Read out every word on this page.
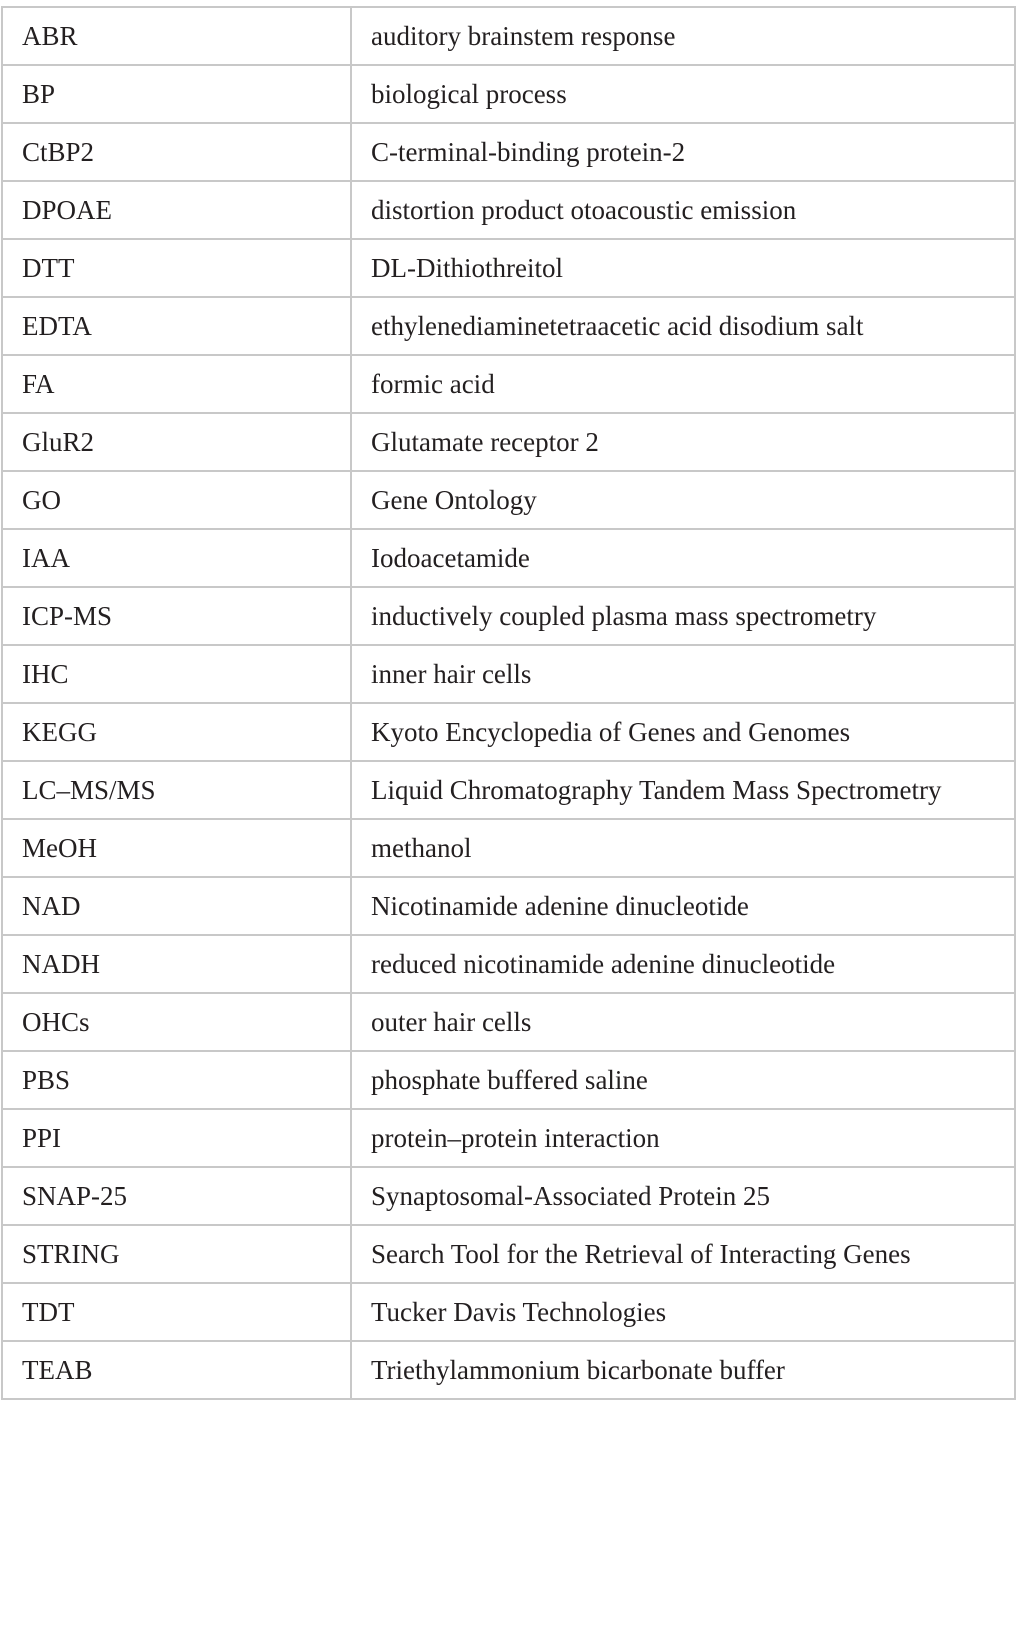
ABR	auditory brainstem response
BP	biological process
CtBP2	C-terminal-binding protein-2
DPOAE	distortion product otoacoustic emission
DTT	DL-Dithiothreitol
EDTA	ethylenediaminetetraacetic acid disodium salt
FA	formic acid
GluR2	Glutamate receptor 2
GO	Gene Ontology
IAA	Iodoacetamide
ICP-MS	inductively coupled plasma mass spectrometry
IHC	inner hair cells
KEGG	Kyoto Encyclopedia of Genes and Genomes
LC–MS/MS	Liquid Chromatography Tandem Mass Spectrometry
MeOH	methanol
NAD	Nicotinamide adenine dinucleotide
NADH	reduced nicotinamide adenine dinucleotide
OHCs	outer hair cells
PBS	phosphate buffered saline
PPI	protein–protein interaction
SNAP-25	Synaptosomal-Associated Protein 25
STRING	Search Tool for the Retrieval of Interacting Genes
TDT	Tucker Davis Technologies
TEAB	Triethylammonium bicarbonate buffer
